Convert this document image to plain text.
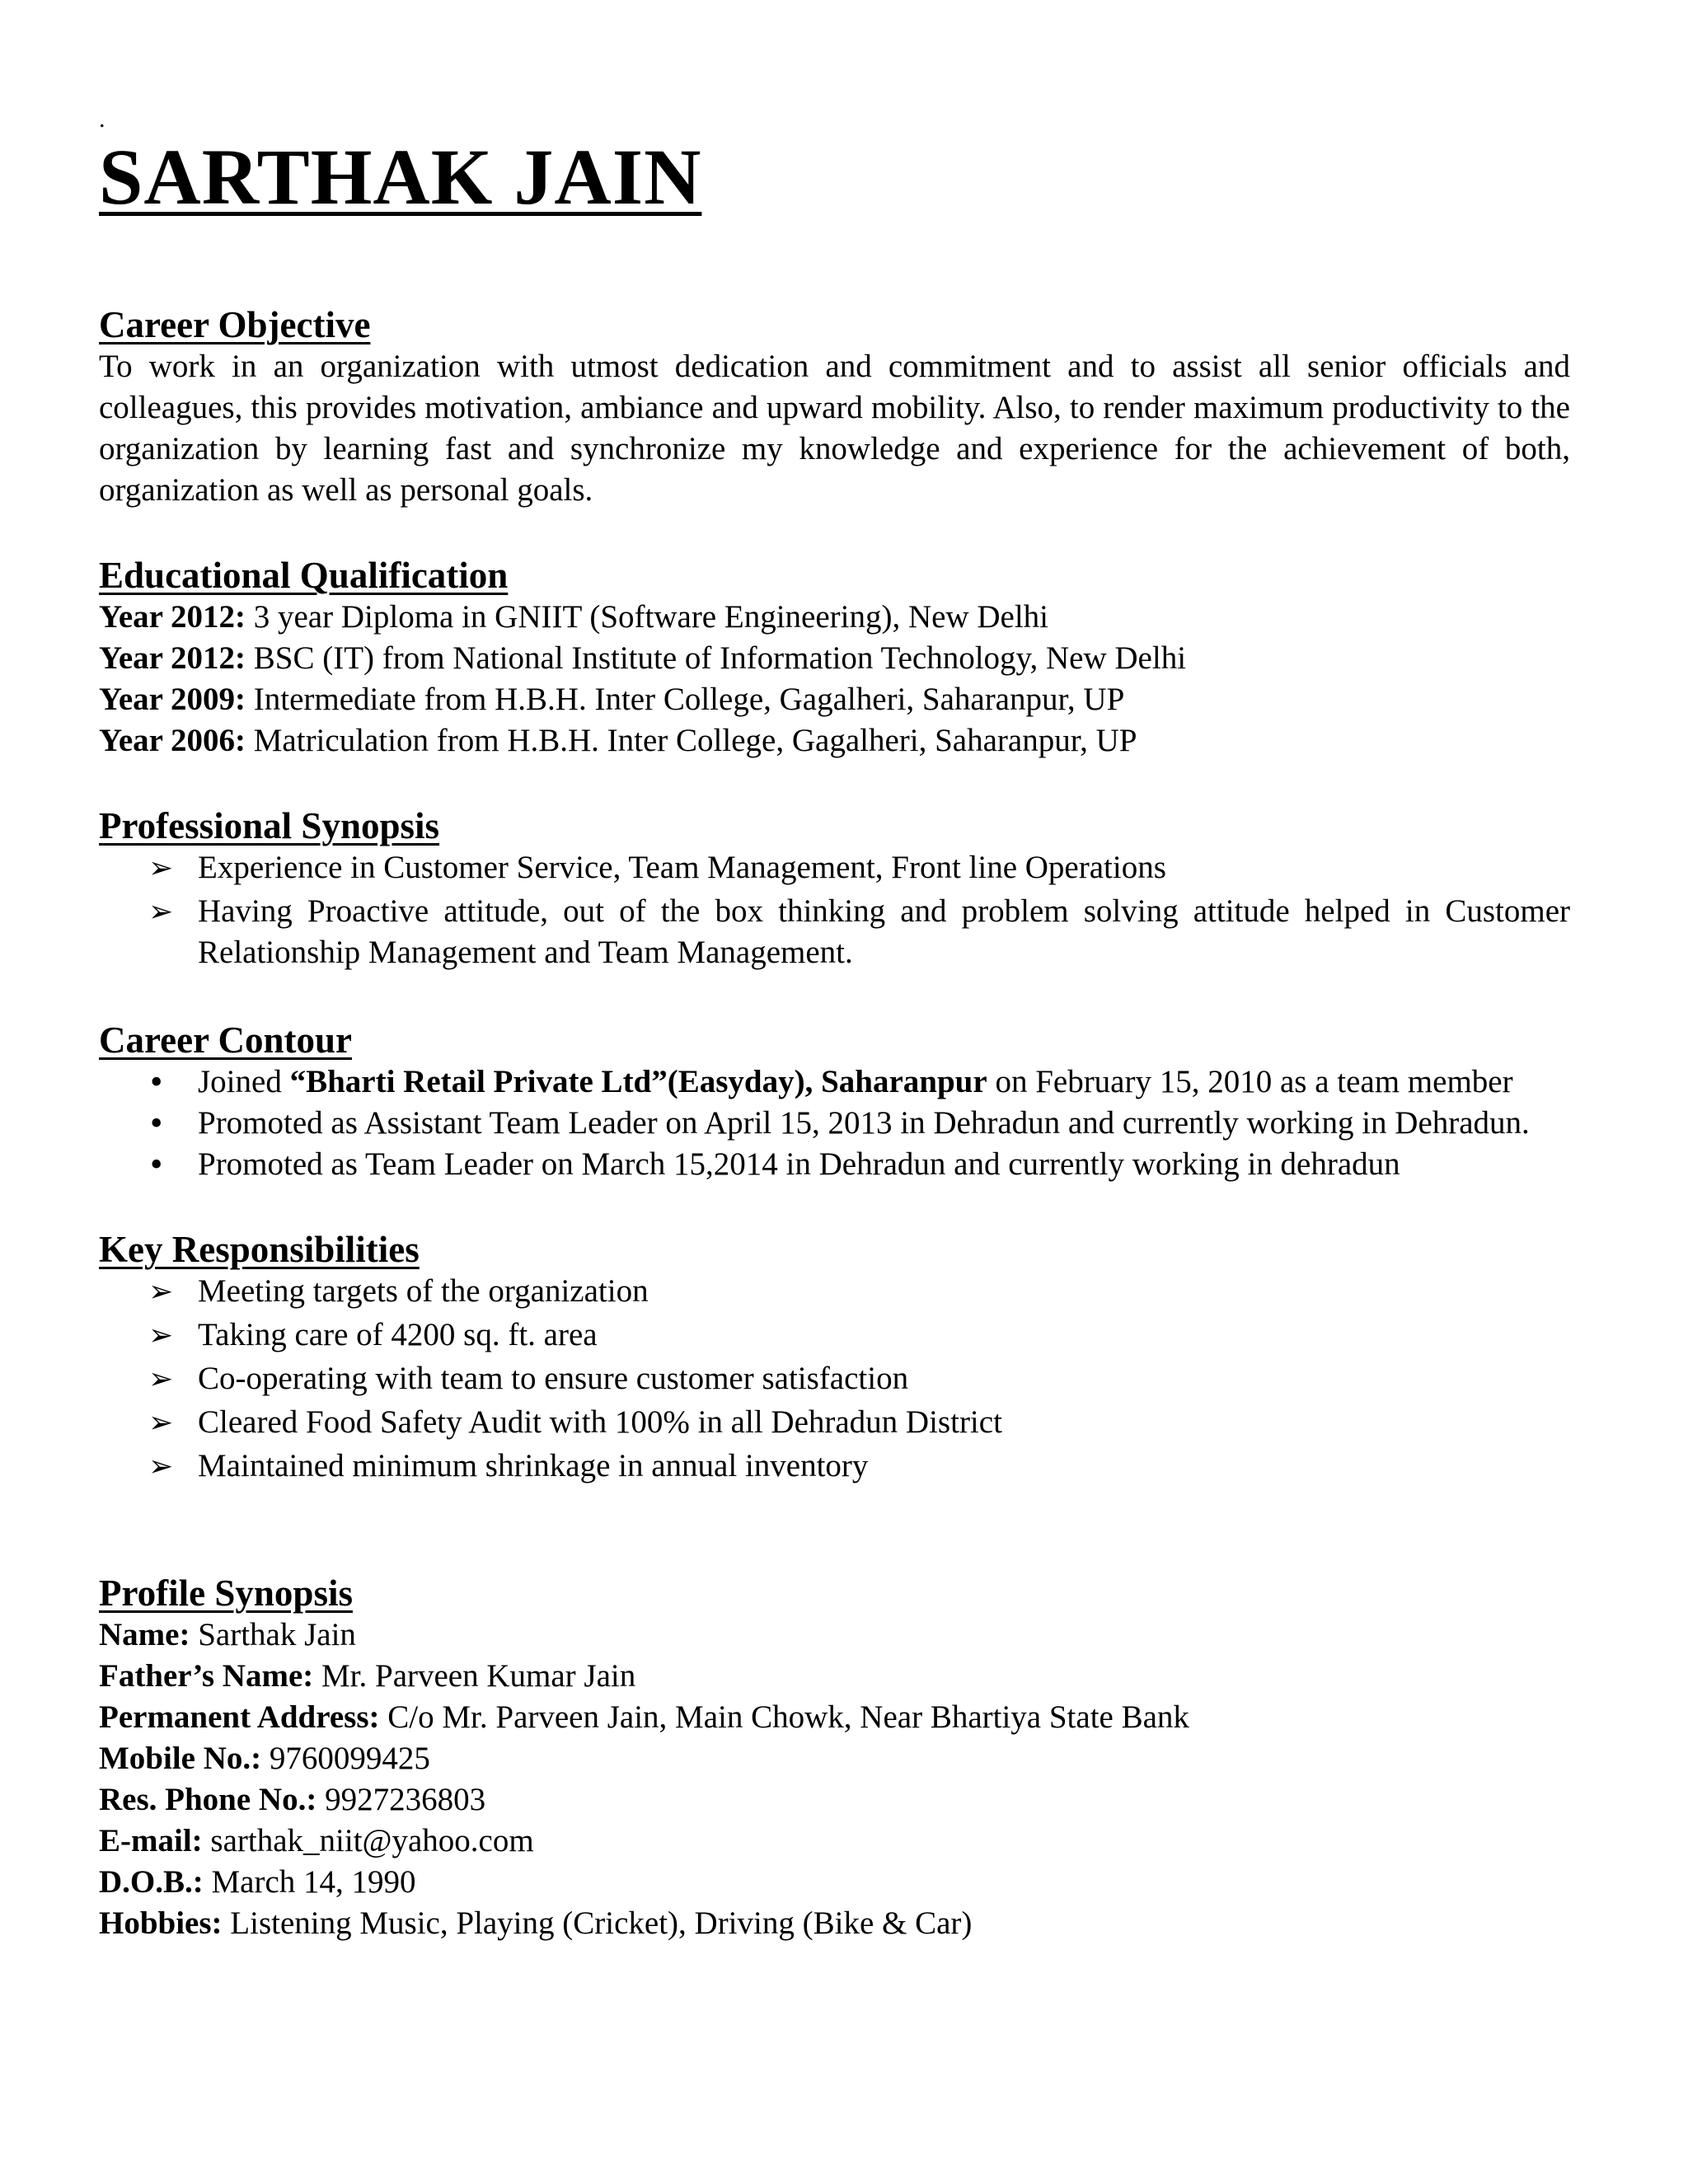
.
SARTHAK JAIN
Career Objective

To work in an organization with utmost dedication and commitment and to assist all senior officials and colleagues, this provides motivation, ambiance and upward mobility. Also, to render maximum productivity to the organization by learning fast and synchronize my knowledge and experience for the achievement of both, organization as well as personal goals.

Educational Qualification
Year 2012: 3 year Diploma in GNIIT (Software Engineering), New Delhi
Year 2012: BSC (IT) from National Institute of Information Technology, New Delhi
Year 2009: Intermediate from H.B.H. Inter College, Gagalheri, Saharanpur, UP
Year 2006: Matriculation from H.B.H. Inter College, Gagalheri, Saharanpur, UP
Professional Synopsis
➢ Experience in Customer Service, Team Management, Front line Operations
➢ Having Proactive attitude, out of the box thinking and problem solving attitude helped in Customer Relationship Management and Team Management.
Career Contour
•	Joined “Bharti Retail Private Ltd”(Easyday), Saharanpur on February 15, 2010 as a team member
•	Promoted as Assistant Team Leader on April 15, 2013 in Dehradun and currently working in Dehradun.
•	Promoted as Team Leader on March 15,2014 in Dehradun and currently working in dehradun
Key Responsibilities
➢ Meeting targets of the organization
➢ Taking care of 4200 sq. ft. area
➢ Co-operating with team to ensure customer satisfaction
➢ Cleared Food Safety Audit with 100% in all Dehradun District
➢ Maintained minimum shrinkage in annual inventory
Profile Synopsis
Name: Sarthak Jain
Father’s Name: Mr. Parveen Kumar Jain
Permanent Address: C/o Mr. Parveen Jain, Main Chowk, Near Bhartiya State Bank
Mobile No.: 9760099425
Res. Phone No.: 9927236803
E-mail: sarthak_niit@yahoo.com
D.O.B.: March 14, 1990
Hobbies: Listening Music, Playing (Cricket), Driving (Bike & Car)
